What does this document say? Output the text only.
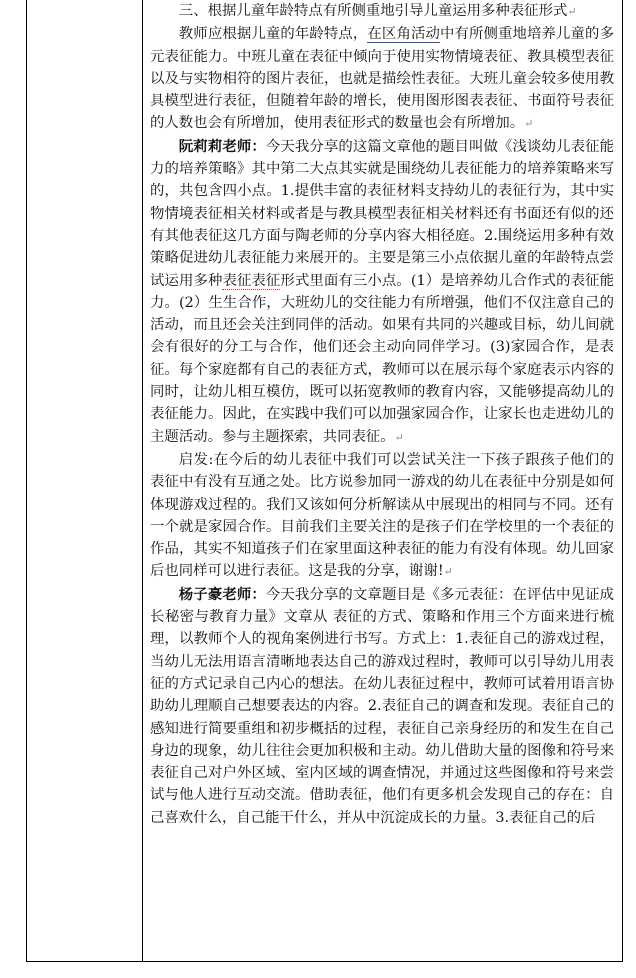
三、根据儿童年龄特点有所侧重地引导儿童运用多种表征形式↵

教师应根据儿童的年龄特点，在区角活动中有所侧重地培养儿童的多元表征能力。中班儿童在表征中倾向于使用实物情境表征、教具模型表征以及与实物相符的图片表征，也就是描绘性表征。大班儿童会较多使用教具模型进行表征，但随着年龄的增长，使用图形图表表征、书面符号表征的人数也会有所增加，使用表征形式的数量也会有所增加。↵

阮莉莉老师：今天我分享的这篇文章他的题目叫做《浅谈幼儿表征能力的培养策略》其中第二大点其实就是围绕幼儿表征能力的培养策略来写的，共包含四小点。1.提供丰富的表征材料支持幼儿的表征行为，其中实物情境表征相关材料或者是与教具模型表征相关材料还有书面还有似的还有其他表征这几方面与陶老师的分享内容大相径庭。2.围绕运用多种有效策略促进幼儿表征能力来展开的。主要是第三小点依据儿童的年龄特点尝试运用多种表征表征形式里面有三小点。(1）是培养幼儿合作式的表征能力。(2）生生合作，大班幼儿的交往能力有所增强，他们不仅注意自己的活动，而且还会关注到同伴的活动。如果有共同的兴趣或目标，幼儿间就会有很好的分工与合作，他们还会主动向同伴学习。(3)家园合作，是表征。每个家庭都有自己的表征方式，教师可以在展示每个家庭表示内容的同时，让幼儿相互模仿，既可以拓宽教师的教育内容，又能够提高幼儿的表征能力。因此，在实践中我们可以加强家园合作，让家长也走进幼儿的主题活动。参与主题探索，共同表征。↵

启发:在今后的幼儿表征中我们可以尝试关注一下孩子跟孩子他们的表征中有没有互通之处。比方说参加同一游戏的幼儿在表征中分别是如何体现游戏过程的。我们又该如何分析解读从中展现出的相同与不同。还有一个就是家园合作。目前我们主要关注的是孩子们在学校里的一个表征的作品，其实不知道孩子们在家里面这种表征的能力有没有体现。幼儿回家后也同样可以进行表征。这是我的分享，谢谢!↵

杨子豪老师：今天我分享的文章题目是《多元表征：在评估中见证成长秘密与教育力量》文章从 表征的方式、策略和作用三个方面来进行梳理，以教师个人的视角案例进行书写。方式上：1.表征自己的游戏过程，当幼儿无法用语言清晰地表达自己的游戏过程时，教师可以引导幼儿用表征的方式记录自己内心的想法。在幼儿表征过程中，教师可试着用语言协助幼儿理顺自己想要表达的内容。2.表征自己的调查和发现。表征自己的感知进行简要重组和初步概括的过程，表征自己亲身经历的和发生在自己身边的现象，幼儿往往会更加积极和主动。幼儿借助大量的图像和符号来表征自己对户外区域、室内区域的调查情况，并通过这些图像和符号来尝试与他人进行互动交流。借助表征，他们有更多机会发现自己的存在：自己喜欢什么，自己能干什么，并从中沉淀成长的力量。3.表征自己的后
